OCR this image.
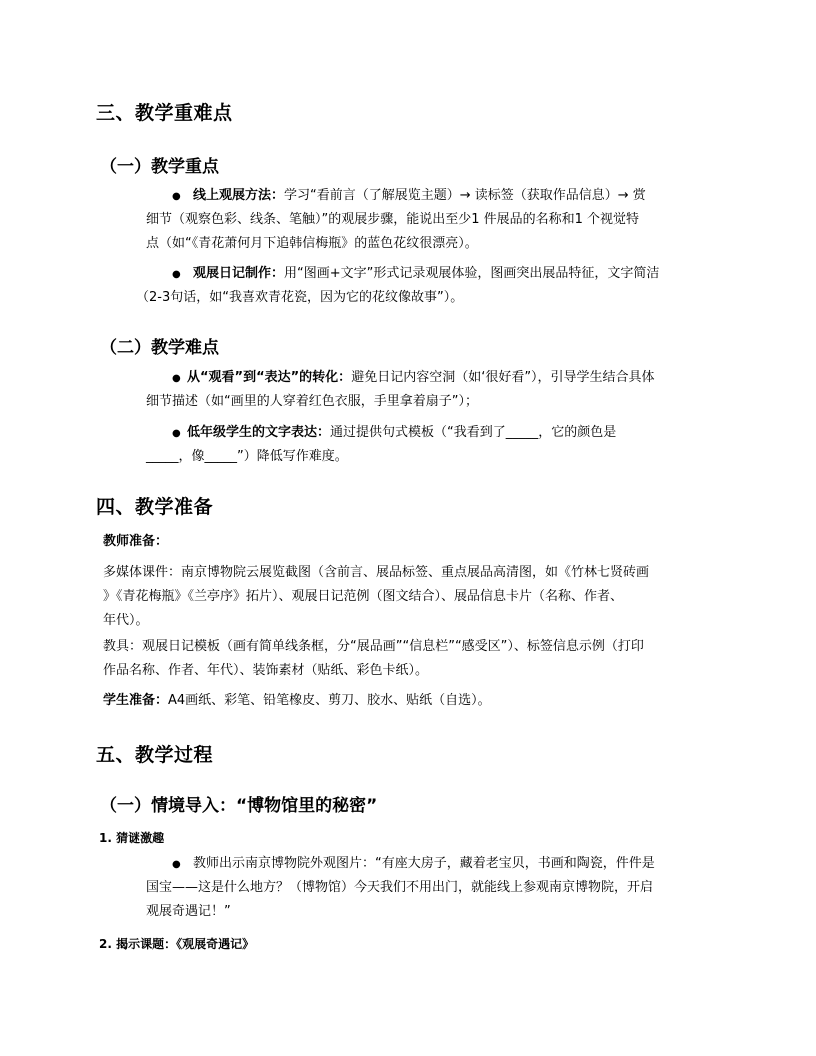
三、教学重难点
（一）教学重点
● 线上观展方法：学习“看前言（了解展览主题）→ 读标签（获取作品信息）→ 赏
细节（观察色彩、线条、笔触）”的观展步骤，能说出至少1 件展品的名称和1 个视觉特
点（如“《青花萧何月下追韩信梅瓶》的蓝色花纹很漂亮）。
● 观展日记制作：用“图画+文字”形式记录观展体验，图画突出展品特征，文字简洁
（2-3句话，如“我喜欢青花瓷，因为它的花纹像故事”）。
（二）教学难点
● 从“观看”到“表达”的转化：避免日记内容空洞（如‘很好看”），引导学生结合具体
细节描述（如“画里的人穿着红色衣服，手里拿着扇子”）；
● 低年级学生的文字表达：通过提供句式模板（“我看到了_____，它的颜色是
_____，像_____”）降低写作难度。
四、教学准备
教师准备：
多媒体课件：南京博物院云展览截图（含前言、展品标签、重点展品高清图，如《竹林七贤砖画
》《青花梅瓶》《兰亭序》拓片）、观展日记范例（图文结合）、展品信息卡片（名称、作者、
年代）。
教具：观展日记模板（画有简单线条框，分“展品画”“信息栏”“感受区”）、标签信息示例（打印
作品名称、作者、年代）、装饰素材（贴纸、彩色卡纸）。
学生准备：A4画纸、彩笔、铅笔橡皮、剪刀、胶水、贴纸（自选）。
五、教学过程
（一）情境导入：“博物馆里的秘密”
1. 猜谜激趣
● 教师出示南京博物院外观图片：“有座大房子，藏着老宝贝，书画和陶瓷，件件是
国宝——这是什么地方？（博物馆）今天我们不用出门，就能线上参观南京博物院，开启
观展奇遇记！”
2. 揭示课题：《观展奇遇记》
